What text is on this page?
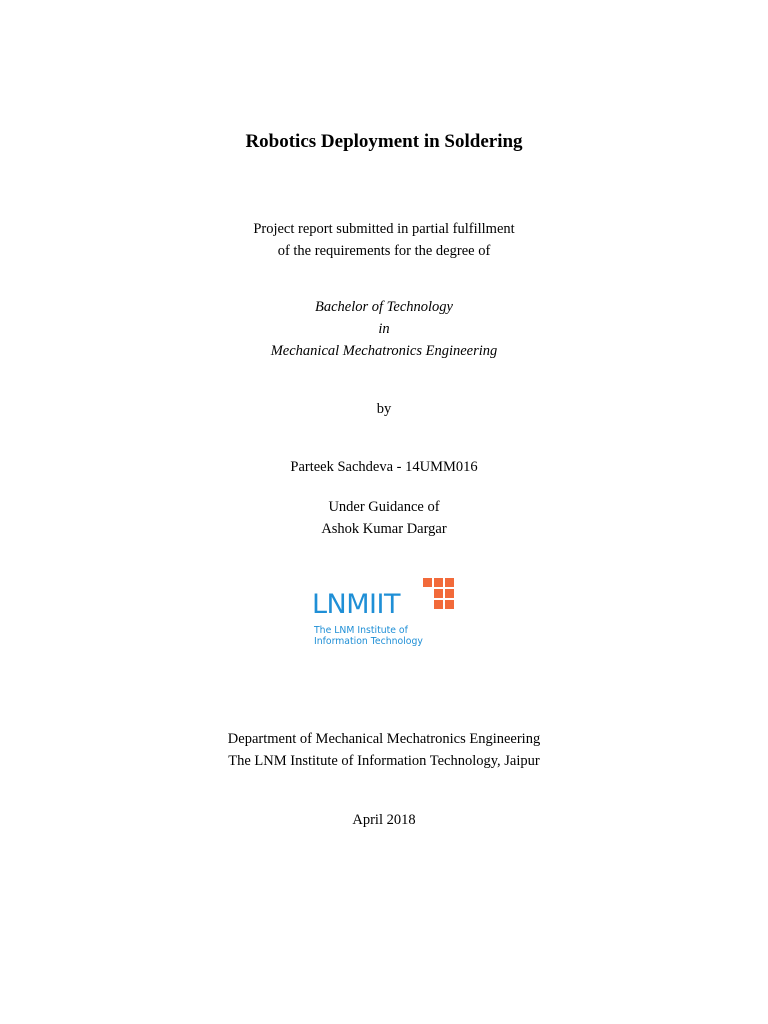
Robotics Deployment in Soldering
Project report submitted in partial fulfillment
of the requirements for the degree of
Bachelor of Technology
in
Mechanical Mechatronics Engineering
by
Parteek Sachdeva - 14UMM016
Under Guidance of
Ashok Kumar Dargar
LNMIIT
The LNM Institute of
Information Technology
Department of Mechanical Mechatronics Engineering
The LNM Institute of Information Technology, Jaipur
April 2018
